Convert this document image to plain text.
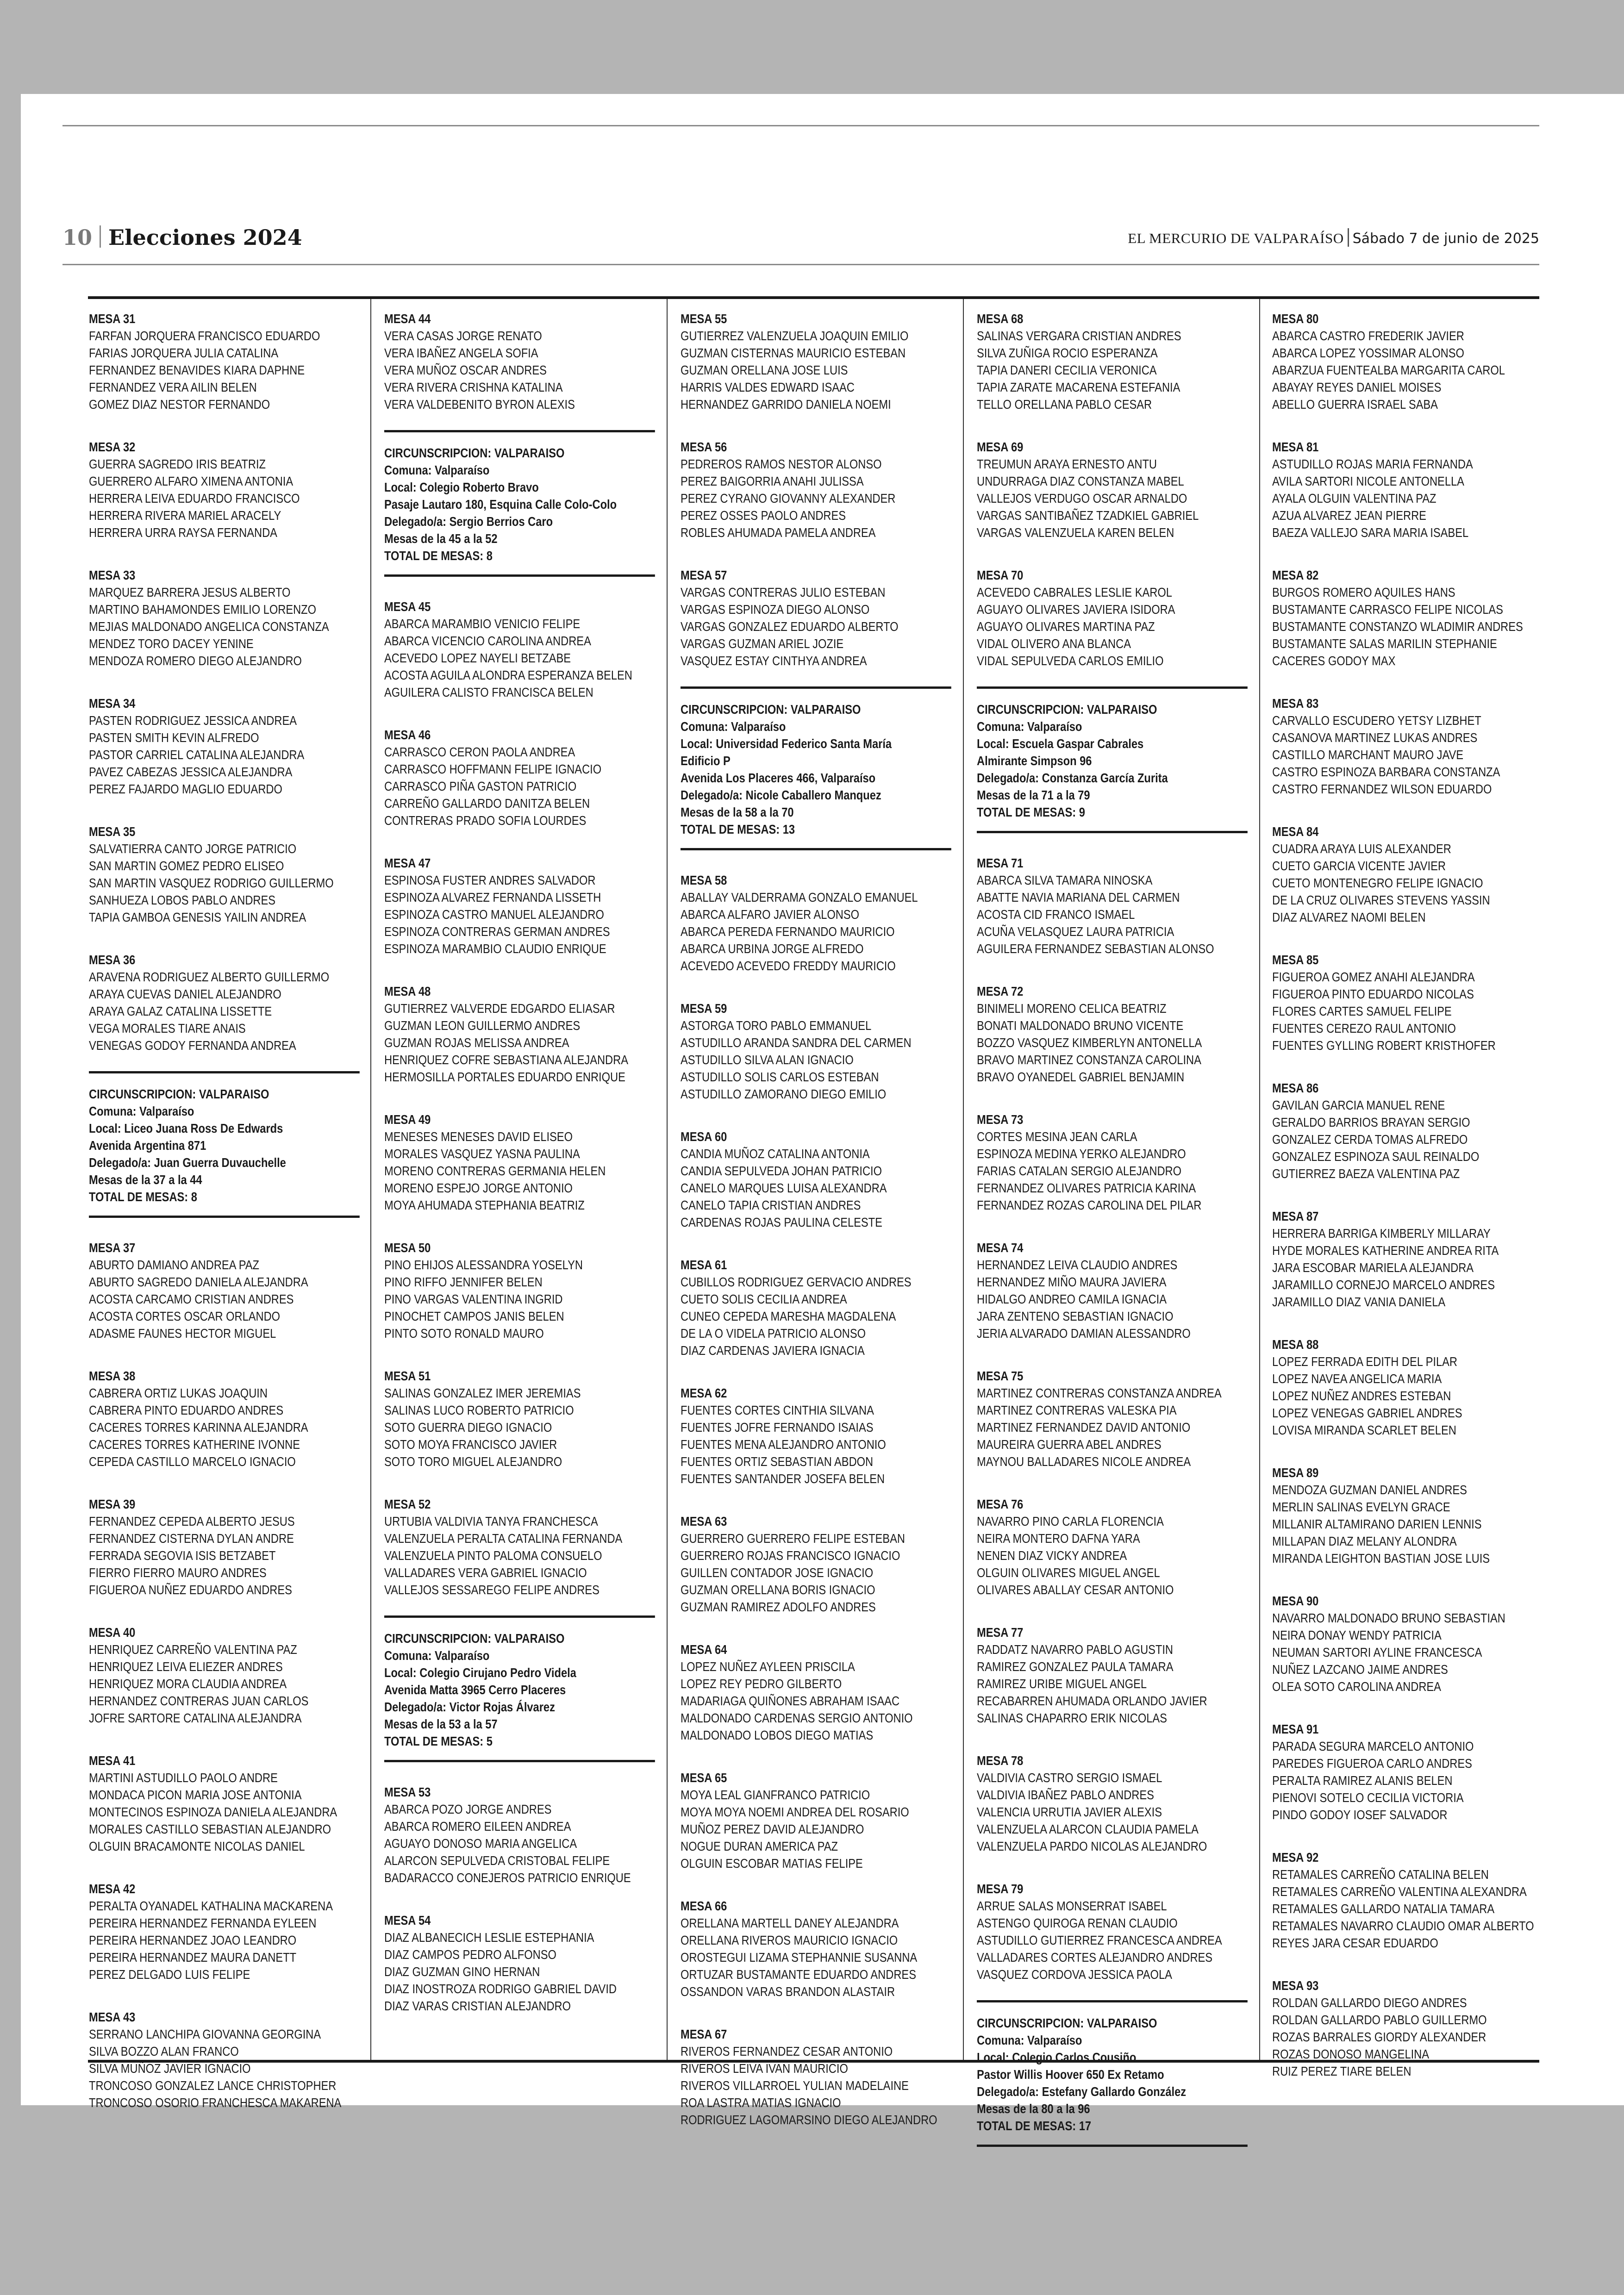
10 Elecciones 2024	EL MERCURIO DE VALPARAÍSO Sábado 7 de junio de 2025
MESA 31
FARFAN JORQUERA FRANCISCO EDUARDO
FARIAS JORQUERA JULIA CATALINA
FERNANDEZ BENAVIDES KIARA DAPHNE
FERNANDEZ VERA AILIN BELEN
GOMEZ DIAZ NESTOR FERNANDO
MESA 32
GUERRA SAGREDO IRIS BEATRIZ
GUERRERO ALFARO XIMENA ANTONIA
HERRERA LEIVA EDUARDO FRANCISCO
HERRERA RIVERA MARIEL ARACELY
HERRERA URRA RAYSA FERNANDA
MESA 33
MARQUEZ BARRERA JESUS ALBERTO
MARTINO BAHAMONDES EMILIO LORENZO
MEJIAS MALDONADO ANGELICA CONSTANZA
MENDEZ TORO DACEY YENINE
MENDOZA ROMERO DIEGO ALEJANDRO
MESA 34
PASTEN RODRIGUEZ JESSICA ANDREA
PASTEN SMITH KEVIN ALFREDO
PASTOR CARRIEL CATALINA ALEJANDRA
PAVEZ CABEZAS JESSICA ALEJANDRA
PEREZ FAJARDO MAGLIO EDUARDO
MESA 35
SALVATIERRA CANTO JORGE PATRICIO
SAN MARTIN GOMEZ PEDRO ELISEO
SAN MARTIN VASQUEZ RODRIGO GUILLERMO
SANHUEZA LOBOS PABLO ANDRES
TAPIA GAMBOA GENESIS YAILIN ANDREA
MESA 36
ARAVENA RODRIGUEZ ALBERTO GUILLERMO
ARAYA CUEVAS DANIEL ALEJANDRO
ARAYA GALAZ CATALINA LISSETTE
VEGA MORALES TIARE ANAIS
VENEGAS GODOY FERNANDA ANDREA
CIRCUNSCRIPCION: VALPARAISO
Comuna: Valparaíso
Local: Liceo Juana Ross De Edwards
Avenida Argentina 871
Delegado/a: Juan Guerra Duvauchelle
Mesas de la 37 a la 44
TOTAL DE MESAS: 8
MESA 37
ABURTO DAMIANO ANDREA PAZ
ABURTO SAGREDO DANIELA ALEJANDRA
ACOSTA CARCAMO CRISTIAN ANDRES
ACOSTA CORTES OSCAR ORLANDO
ADASME FAUNES HECTOR MIGUEL
MESA 38
CABRERA ORTIZ LUKAS JOAQUIN
CABRERA PINTO EDUARDO ANDRES
CACERES TORRES KARINNA ALEJANDRA
CACERES TORRES KATHERINE IVONNE
CEPEDA CASTILLO MARCELO IGNACIO
MESA 39
FERNANDEZ CEPEDA ALBERTO JESUS
FERNANDEZ CISTERNA DYLAN ANDRE
FERRADA SEGOVIA ISIS BETZABET
FIERRO FIERRO MAURO ANDRES
FIGUEROA NUÑEZ EDUARDO ANDRES
MESA 40
HENRIQUEZ CARREÑO VALENTINA PAZ
HENRIQUEZ LEIVA ELIEZER ANDRES
HENRIQUEZ MORA CLAUDIA ANDREA
HERNANDEZ CONTRERAS JUAN CARLOS
JOFRE SARTORE CATALINA ALEJANDRA
MESA 41
MARTINI ASTUDILLO PAOLO ANDRE
MONDACA PICON MARIA JOSE ANTONIA
MONTECINOS ESPINOZA DANIELA ALEJANDRA
MORALES CASTILLO SEBASTIAN ALEJANDRO
OLGUIN BRACAMONTE NICOLAS DANIEL
MESA 42
PERALTA OYANADEL KATHALINA MACKARENA
PEREIRA HERNANDEZ FERNANDA EYLEEN
PEREIRA HERNANDEZ JOAO LEANDRO
PEREIRA HERNANDEZ MAURA DANETT
PEREZ DELGADO LUIS FELIPE
MESA 43
SERRANO LANCHIPA GIOVANNA GEORGINA
SILVA BOZZO ALAN FRANCO
SILVA MUÑOZ JAVIER IGNACIO
TRONCOSO GONZALEZ LANCE CHRISTOPHER
TRONCOSO OSORIO FRANCHESCA MAKARENA
MESA 44
VERA CASAS JORGE RENATO
VERA IBAÑEZ ANGELA SOFIA
VERA MUÑOZ OSCAR ANDRES
VERA RIVERA CRISHNA KATALINA
VERA VALDEBENITO BYRON ALEXIS
CIRCUNSCRIPCION: VALPARAISO
Comuna: Valparaíso
Local: Colegio Roberto Bravo
Pasaje Lautaro 180, Esquina Calle Colo-Colo
Delegado/a: Sergio Berrios Caro
Mesas de la 45 a la 52
TOTAL DE MESAS: 8
MESA 45
ABARCA MARAMBIO VENICIO FELIPE
ABARCA VICENCIO CAROLINA ANDREA
ACEVEDO LOPEZ NAYELI BETZABE
ACOSTA AGUILA ALONDRA ESPERANZA BELEN
AGUILERA CALISTO FRANCISCA BELEN
MESA 46
CARRASCO CERON PAOLA ANDREA
CARRASCO HOFFMANN FELIPE IGNACIO
CARRASCO PIÑA GASTON PATRICIO
CARREÑO GALLARDO DANITZA BELEN
CONTRERAS PRADO SOFIA LOURDES
MESA 47
ESPINOSA FUSTER ANDRES SALVADOR
ESPINOZA ALVAREZ FERNANDA LISSETH
ESPINOZA CASTRO MANUEL ALEJANDRO
ESPINOZA CONTRERAS GERMAN ANDRES
ESPINOZA MARAMBIO CLAUDIO ENRIQUE
MESA 48
GUTIERREZ VALVERDE EDGARDO ELIASAR
GUZMAN LEON GUILLERMO ANDRES
GUZMAN ROJAS MELISSA ANDREA
HENRIQUEZ COFRE SEBASTIANA ALEJANDRA
HERMOSILLA PORTALES EDUARDO ENRIQUE
MESA 49
MENESES MENESES DAVID ELISEO
MORALES VASQUEZ YASNA PAULINA
MORENO CONTRERAS GERMANIA HELEN
MORENO ESPEJO JORGE ANTONIO
MOYA AHUMADA STEPHANIA BEATRIZ
MESA 50
PINO EHIJOS ALESSANDRA YOSELYN
PINO RIFFO JENNIFER BELEN
PINO VARGAS VALENTINA INGRID
PINOCHET CAMPOS JANIS BELEN
PINTO SOTO RONALD MAURO
MESA 51
SALINAS GONZALEZ IMER JEREMIAS
SALINAS LUCO ROBERTO PATRICIO
SOTO GUERRA DIEGO IGNACIO
SOTO MOYA FRANCISCO JAVIER
SOTO TORO MIGUEL ALEJANDRO
MESA 52
URTUBIA VALDIVIA TANYA FRANCHESCA
VALENZUELA PERALTA CATALINA FERNANDA
VALENZUELA PINTO PALOMA CONSUELO
VALLADARES VERA GABRIEL IGNACIO
VALLEJOS SESSAREGO FELIPE ANDRES
CIRCUNSCRIPCION: VALPARAISO
Comuna: Valparaíso
Local: Colegio Cirujano Pedro Videla
Avenida Matta 3965 Cerro Placeres
Delegado/a: Victor Rojas Álvarez
Mesas de la 53 a la 57
TOTAL DE MESAS: 5
MESA 53
ABARCA POZO JORGE ANDRES
ABARCA ROMERO EILEEN ANDREA
AGUAYO DONOSO MARIA ANGELICA
ALARCON SEPULVEDA CRISTOBAL FELIPE
BADARACCO CONEJEROS PATRICIO ENRIQUE
MESA 54
DIAZ ALBANECICH LESLIE ESTEPHANIA
DIAZ CAMPOS PEDRO ALFONSO
DIAZ GUZMAN GINO HERNAN
DIAZ INOSTROZA RODRIGO GABRIEL DAVID
DIAZ VARAS CRISTIAN ALEJANDRO
MESA 55
GUTIERREZ VALENZUELA JOAQUIN EMILIO
GUZMAN CISTERNAS MAURICIO ESTEBAN
GUZMAN ORELLANA JOSE LUIS
HARRIS VALDES EDWARD ISAAC
HERNANDEZ GARRIDO DANIELA NOEMI
MESA 56
PEDREROS RAMOS NESTOR ALONSO
PEREZ BAIGORRIA ANAHI JULISSA
PEREZ CYRANO GIOVANNY ALEXANDER
PEREZ OSSES PAOLO ANDRES
ROBLES AHUMADA PAMELA ANDREA
MESA 57
VARGAS CONTRERAS JULIO ESTEBAN
VARGAS ESPINOZA DIEGO ALONSO
VARGAS GONZALEZ EDUARDO ALBERTO
VARGAS GUZMAN ARIEL JOZIE
VASQUEZ ESTAY CINTHYA ANDREA
CIRCUNSCRIPCION: VALPARAISO
Comuna: Valparaíso
Local: Universidad Federico Santa María
Edificio P
Avenida Los Placeres 466, Valparaíso
Delegado/a: Nicole Caballero Manquez
Mesas de la 58 a la 70
TOTAL DE MESAS: 13
MESA 58
ABALLAY VALDERRAMA GONZALO EMANUEL
ABARCA ALFARO JAVIER ALONSO
ABARCA PEREDA FERNANDO MAURICIO
ABARCA URBINA JORGE ALFREDO
ACEVEDO ACEVEDO FREDDY MAURICIO
MESA 59
ASTORGA TORO PABLO EMMANUEL
ASTUDILLO ARANDA SANDRA DEL CARMEN
ASTUDILLO SILVA ALAN IGNACIO
ASTUDILLO SOLIS CARLOS ESTEBAN
ASTUDILLO ZAMORANO DIEGO EMILIO
MESA 60
CANDIA MUÑOZ CATALINA ANTONIA
CANDIA SEPULVEDA JOHAN PATRICIO
CANELO MARQUES LUISA ALEXANDRA
CANELO TAPIA CRISTIAN ANDRES
CARDENAS ROJAS PAULINA CELESTE
MESA 61
CUBILLOS RODRIGUEZ GERVACIO ANDRES
CUETO SOLIS CECILIA ANDREA
CUNEO CEPEDA MARESHA MAGDALENA
DE LA O VIDELA PATRICIO ALONSO
DIAZ CARDENAS JAVIERA IGNACIA
MESA 62
FUENTES CORTES CINTHIA SILVANA
FUENTES JOFRE FERNANDO ISAIAS
FUENTES MENA ALEJANDRO ANTONIO
FUENTES ORTIZ SEBASTIAN ABDON
FUENTES SANTANDER JOSEFA BELEN
MESA 63
GUERRERO GUERRERO FELIPE ESTEBAN
GUERRERO ROJAS FRANCISCO IGNACIO
GUILLEN CONTADOR JOSE IGNACIO
GUZMAN ORELLANA BORIS IGNACIO
GUZMAN RAMIREZ ADOLFO ANDRES
MESA 64
LOPEZ NUÑEZ AYLEEN PRISCILA
LOPEZ REY PEDRO GILBERTO
MADARIAGA QUIÑONES ABRAHAM ISAAC
MALDONADO CARDENAS SERGIO ANTONIO
MALDONADO LOBOS DIEGO MATIAS
MESA 65
MOYA LEAL GIANFRANCO PATRICIO
MOYA MOYA NOEMI ANDREA DEL ROSARIO
MUÑOZ PEREZ DAVID ALEJANDRO
NOGUE DURAN AMERICA PAZ
OLGUIN ESCOBAR MATIAS FELIPE
MESA 66
ORELLANA MARTELL DANEY ALEJANDRA
ORELLANA RIVEROS MAURICIO IGNACIO
OROSTEGUI LIZAMA STEPHANNIE SUSANNA
ORTUZAR BUSTAMANTE EDUARDO ANDRES
OSSANDON VARAS BRANDON ALASTAIR
MESA 67
RIVEROS FERNANDEZ CESAR ANTONIO
RIVEROS LEIVA IVAN MAURICIO
RIVEROS VILLARROEL YULIAN MADELAINE
ROA LASTRA MATIAS IGNACIO
RODRIGUEZ LAGOMARSINO DIEGO ALEJANDRO
MESA 68
SALINAS VERGARA CRISTIAN ANDRES
SILVA ZUÑIGA ROCIO ESPERANZA
TAPIA DANERI CECILIA VERONICA
TAPIA ZARATE MACARENA ESTEFANIA
TELLO ORELLANA PABLO CESAR
MESA 69
TREUMUN ARAYA ERNESTO ANTU
UNDURRAGA DIAZ CONSTANZA MABEL
VALLEJOS VERDUGO OSCAR ARNALDO
VARGAS SANTIBAÑEZ TZADKIEL GABRIEL
VARGAS VALENZUELA KAREN BELEN
MESA 70
ACEVEDO CABRALES LESLIE KAROL
AGUAYO OLIVARES JAVIERA ISIDORA
AGUAYO OLIVARES MARTINA PAZ
VIDAL OLIVERO ANA BLANCA
VIDAL SEPULVEDA CARLOS EMILIO
CIRCUNSCRIPCION: VALPARAISO
Comuna: Valparaíso
Local: Escuela Gaspar Cabrales
Almirante Simpson 96
Delegado/a: Constanza García Zurita
Mesas de la 71 a la 79
TOTAL DE MESAS: 9
MESA 71
ABARCA SILVA TAMARA NINOSKA
ABATTE NAVIA MARIANA DEL CARMEN
ACOSTA CID FRANCO ISMAEL
ACUÑA VELASQUEZ LAURA PATRICIA
AGUILERA FERNANDEZ SEBASTIAN ALONSO
MESA 72
BINIMELI MORENO CELICA BEATRIZ
BONATI MALDONADO BRUNO VICENTE
BOZZO VASQUEZ KIMBERLYN ANTONELLA
BRAVO MARTINEZ CONSTANZA CAROLINA
BRAVO OYANEDEL GABRIEL BENJAMIN
MESA 73
CORTES MESINA JEAN CARLA
ESPINOZA MEDINA YERKO ALEJANDRO
FARIAS CATALAN SERGIO ALEJANDRO
FERNANDEZ OLIVARES PATRICIA KARINA
FERNANDEZ ROZAS CAROLINA DEL PILAR
MESA 74
HERNANDEZ LEIVA CLAUDIO ANDRES
HERNANDEZ MIÑO MAURA JAVIERA
HIDALGO ANDREO CAMILA IGNACIA
JARA ZENTENO SEBASTIAN IGNACIO
JERIA ALVARADO DAMIAN ALESSANDRO
MESA 75
MARTINEZ CONTRERAS CONSTANZA ANDREA
MARTINEZ CONTRERAS VALESKA PIA
MARTINEZ FERNANDEZ DAVID ANTONIO
MAUREIRA GUERRA ABEL ANDRES
MAYNOU BALLADARES NICOLE ANDREA
MESA 76
NAVARRO PINO CARLA FLORENCIA
NEIRA MONTERO DAFNA YARA
NENEN DIAZ VICKY ANDREA
OLGUIN OLIVARES MIGUEL ANGEL
OLIVARES ABALLAY CESAR ANTONIO
MESA 77
RADDATZ NAVARRO PABLO AGUSTIN
RAMIREZ GONZALEZ PAULA TAMARA
RAMIREZ URIBE MIGUEL ANGEL
RECABARREN AHUMADA ORLANDO JAVIER
SALINAS CHAPARRO ERIK NICOLAS
MESA 78
VALDIVIA CASTRO SERGIO ISMAEL
VALDIVIA IBAÑEZ PABLO ANDRES
VALENCIA URRUTIA JAVIER ALEXIS
VALENZUELA ALARCON CLAUDIA PAMELA
VALENZUELA PARDO NICOLAS ALEJANDRO
MESA 79
ARRUE SALAS MONSERRAT ISABEL
ASTENGO QUIROGA RENAN CLAUDIO
ASTUDILLO GUTIERREZ FRANCESCA ANDREA
VALLADARES CORTES ALEJANDRO ANDRES
VASQUEZ CORDOVA JESSICA PAOLA
CIRCUNSCRIPCION: VALPARAISO
Comuna: Valparaíso
Local: Colegio Carlos Cousiño
Pastor Willis Hoover 650 Ex Retamo
Delegado/a: Estefany Gallardo González
Mesas de la 80 a la 96
TOTAL DE MESAS: 17
MESA 80
ABARCA CASTRO FREDERIK JAVIER
ABARCA LOPEZ YOSSIMAR ALONSO
ABARZUA FUENTEALBA MARGARITA CAROL
ABAYAY REYES DANIEL MOISES
ABELLO GUERRA ISRAEL SABA
MESA 81
ASTUDILLO ROJAS MARIA FERNANDA
AVILA SARTORI NICOLE ANTONELLA
AYALA OLGUIN VALENTINA PAZ
AZUA ALVAREZ JEAN PIERRE
BAEZA VALLEJO SARA MARIA ISABEL
MESA 82
BURGOS ROMERO AQUILES HANS
BUSTAMANTE CARRASCO FELIPE NICOLAS
BUSTAMANTE CONSTANZO WLADIMIR ANDRES
BUSTAMANTE SALAS MARILIN STEPHANIE
CACERES GODOY MAX
MESA 83
CARVALLO ESCUDERO YETSY LIZBHET
CASANOVA MARTINEZ LUKAS ANDRES
CASTILLO MARCHANT MAURO JAVE
CASTRO ESPINOZA BARBARA CONSTANZA
CASTRO FERNANDEZ WILSON EDUARDO
MESA 84
CUADRA ARAYA LUIS ALEXANDER
CUETO GARCIA VICENTE JAVIER
CUETO MONTENEGRO FELIPE IGNACIO
DE LA CRUZ OLIVARES STEVENS YASSIN
DIAZ ALVAREZ NAOMI BELEN
MESA 85
FIGUEROA GOMEZ ANAHI ALEJANDRA
FIGUEROA PINTO EDUARDO NICOLAS
FLORES CARTES SAMUEL FELIPE
FUENTES CEREZO RAUL ANTONIO
FUENTES GYLLING ROBERT KRISTHOFER
MESA 86
GAVILAN GARCIA MANUEL RENE
GERALDO BARRIOS BRAYAN SERGIO
GONZALEZ CERDA TOMAS ALFREDO
GONZALEZ ESPINOZA SAUL REINALDO
GUTIERREZ BAEZA VALENTINA PAZ
MESA 87
HERRERA BARRIGA KIMBERLY MILLARAY
HYDE MORALES KATHERINE ANDREA RITA
JARA ESCOBAR MARIELA ALEJANDRA
JARAMILLO CORNEJO MARCELO ANDRES
JARAMILLO DIAZ VANIA DANIELA
MESA 88
LOPEZ FERRADA EDITH DEL PILAR
LOPEZ NAVEA ANGELICA MARIA
LOPEZ NUÑEZ ANDRES ESTEBAN
LOPEZ VENEGAS GABRIEL ANDRES
LOVISA MIRANDA SCARLET BELEN
MESA 89
MENDOZA GUZMAN DANIEL ANDRES
MERLIN SALINAS EVELYN GRACE
MILLANIR ALTAMIRANO DARIEN LENNIS
MILLAPAN DIAZ MELANY ALONDRA
MIRANDA LEIGHTON BASTIAN JOSE LUIS
MESA 90
NAVARRO MALDONADO BRUNO SEBASTIAN
NEIRA DONAY WENDY PATRICIA
NEUMAN SARTORI AYLINE FRANCESCA
NUÑEZ LAZCANO JAIME ANDRES
OLEA SOTO CAROLINA ANDREA
MESA 91
PARADA SEGURA MARCELO ANTONIO
PAREDES FIGUEROA CARLO ANDRES
PERALTA RAMIREZ ALANIS BELEN
PIENOVI SOTELO CECILIA VICTORIA
PINDO GODOY IOSEF SALVADOR
MESA 92
RETAMALES CARREÑO CATALINA BELEN
RETAMALES CARREÑO VALENTINA ALEXANDRA
RETAMALES GALLARDO NATALIA TAMARA
RETAMALES NAVARRO CLAUDIO OMAR ALBERTO
REYES JARA CESAR EDUARDO
MESA 93
ROLDAN GALLARDO DIEGO ANDRES
ROLDAN GALLARDO PABLO GUILLERMO
ROZAS BARRALES GIORDY ALEXANDER
ROZAS DONOSO MANGELINA
RUIZ PEREZ TIARE BELEN
